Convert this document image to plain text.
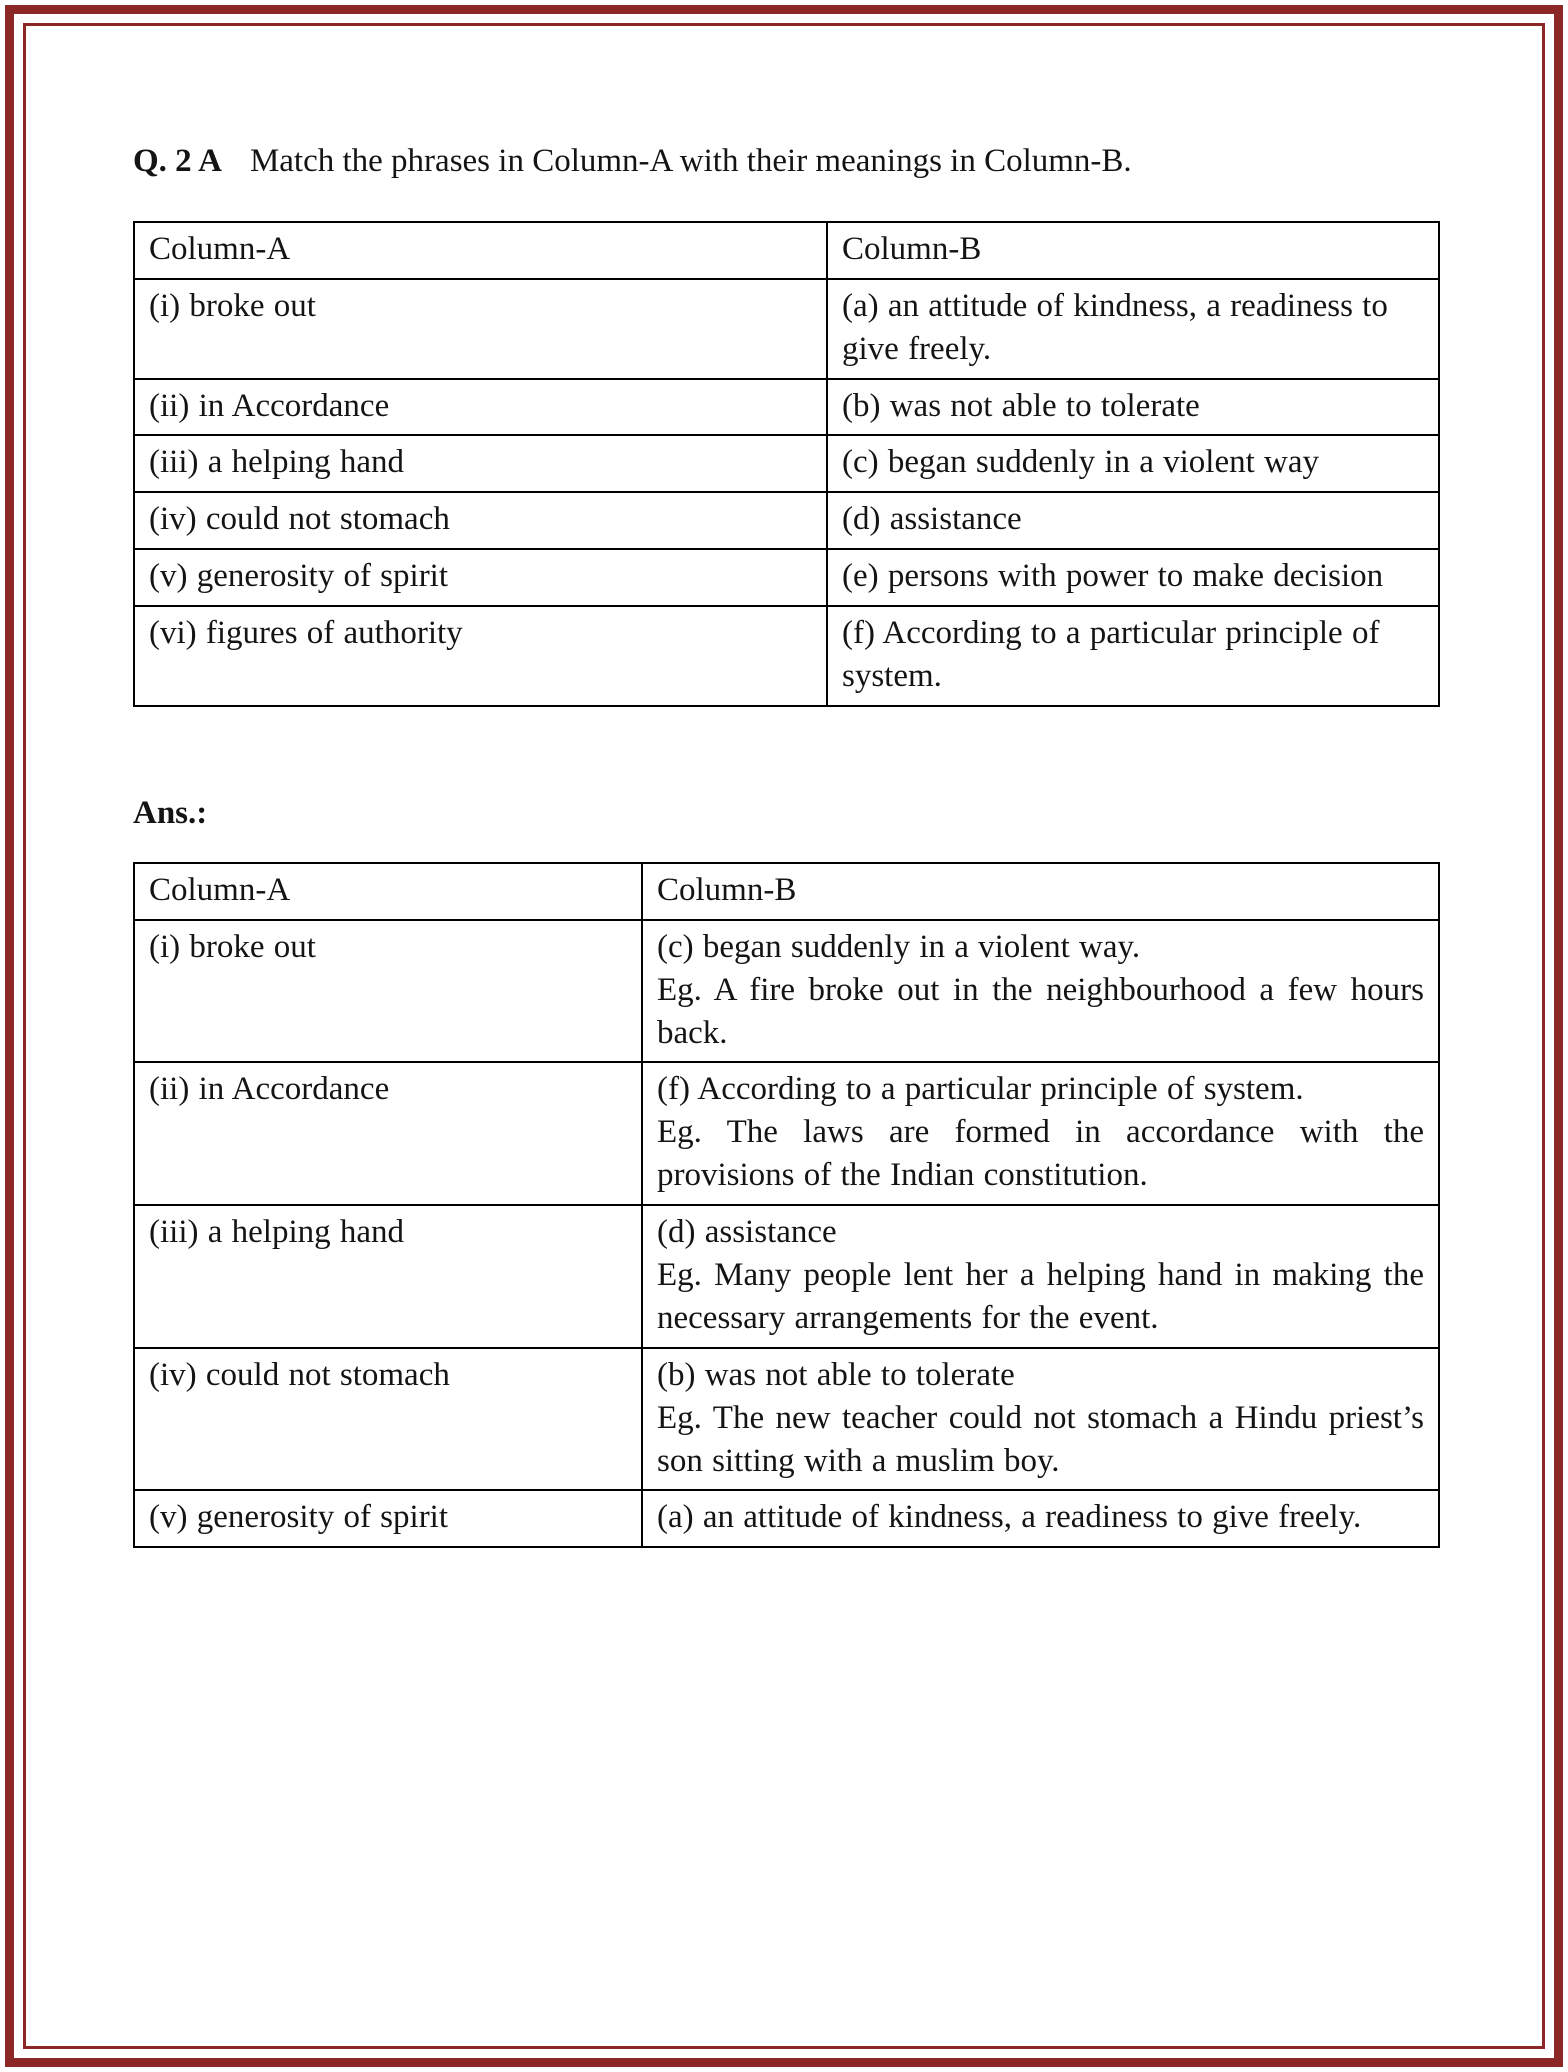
Q. 2 A Match the phrases in Column-A with their meanings in Column-B.

Column-A	Column-B
(i) broke out	(a) an attitude of kindness, a readiness to give freely.
(ii) in Accordance	(b) was not able to tolerate
(iii) a helping hand	(c) began suddenly in a violent way
(iv) could not stomach	(d) assistance
(v) generosity of spirit	(e) persons with power to make decision
(vi) figures of authority	(f) According to a particular principle of system.

Ans.:

Column-A	Column-B
(i) broke out	(c) began suddenly in a violent way.
Eg. A fire broke out in the neighbourhood a few hours back.

(ii) in Accordance	(f) According to a particular principle of system.
Eg. The laws are formed in accordance with the provisions of the Indian constitution.

(iii) a helping hand	(d) assistance
Eg. Many people lent her a helping hand in making the necessary arrangements for the event.

(iv) could not stomach	(b) was not able to tolerate
Eg. The new teacher could not stomach a Hindu priest’s son sitting with a muslim boy.

(v) generosity of spirit	(a) an attitude of kindness, a readiness to give freely.
